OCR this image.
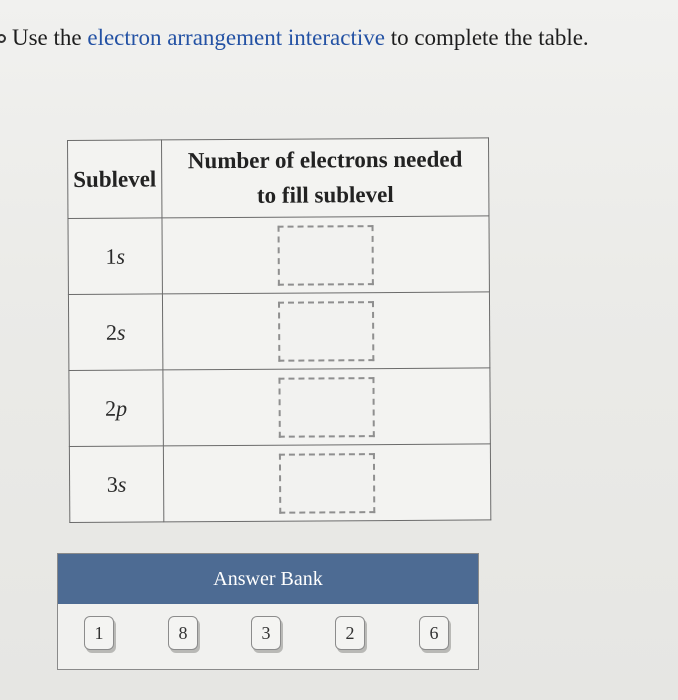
Use the
electron arrangement interactive
to complete the table.
Sublevel	Number of electrons needed
to fill sublevel
1s	
2s	
2p	
3s	
Answer Bank
1	8	3	2	6
